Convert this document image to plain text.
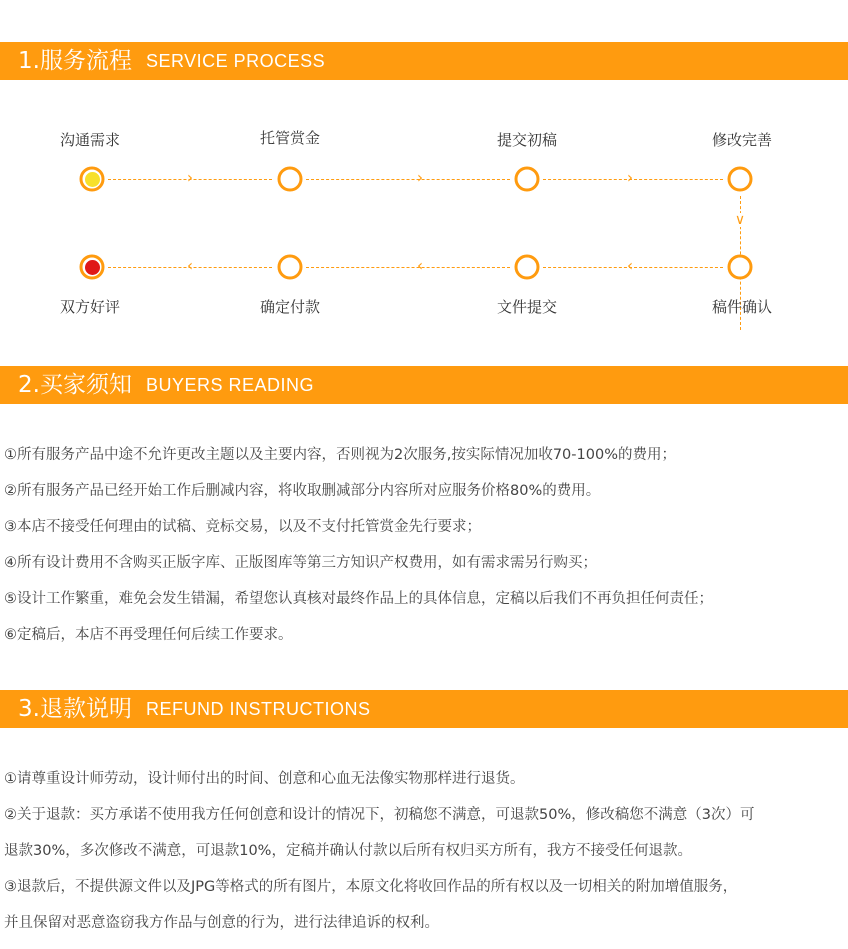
1.服务流程 SERVICE PROCESS
沟通需求	托管赏金	提交初稿	修改完善
›	›	›
∨
‹	‹	‹
双方好评	确定付款	文件提交	稿件确认
2.买家须知 BUYERS READING
①所有服务产品中途不允许更改主题以及主要内容，否则视为2次服务,按实际情况加收70-100%的费用；
②所有服务产品已经开始工作后删减内容，将收取删减部分内容所对应服务价格80%的费用。
③本店不接受任何理由的试稿、竞标交易，以及不支付托管赏金先行要求；
④所有设计费用不含购买正版字库、正版图库等第三方知识产权费用，如有需求需另行购买；
⑤设计工作繁重，难免会发生错漏，希望您认真核对最终作品上的具体信息，定稿以后我们不再负担任何责任；
⑥定稿后，本店不再受理任何后续工作要求。
3.退款说明 REFUND INSTRUCTIONS
①请尊重设计师劳动，设计师付出的时间、创意和心血无法像实物那样进行退货。
②关于退款：买方承诺不使用我方任何创意和设计的情况下，初稿您不满意，可退款50%，修改稿您不满意（3次）可
退款30%，多次修改不满意，可退款10%，定稿并确认付款以后所有权归买方所有，我方不接受任何退款。
③退款后，不提供源文件以及JPG等格式的所有图片，本原文化将收回作品的所有权以及一切相关的附加增值服务，
并且保留对恶意盗窃我方作品与创意的行为，进行法律追诉的权利。
